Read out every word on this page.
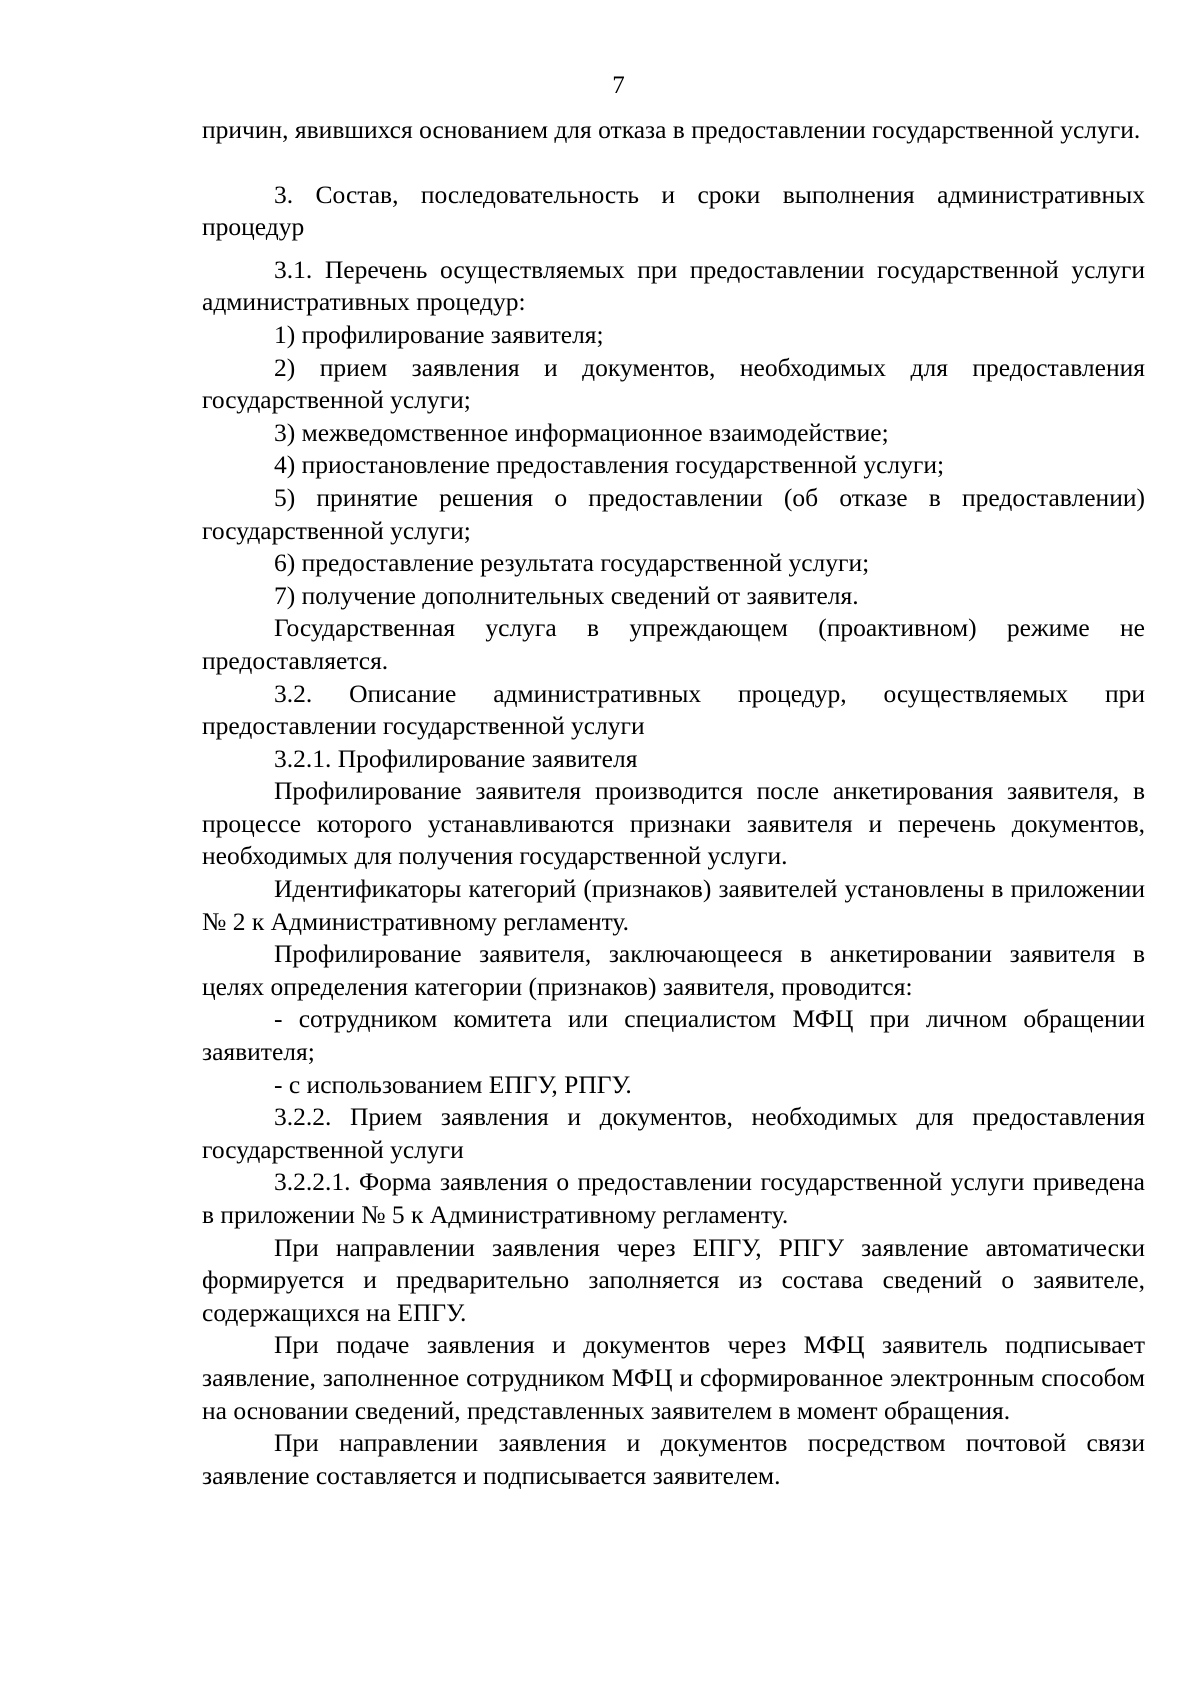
7

причин, явившихся основанием для отказа в предоставлении государственной услуги.

3. Состав, последовательность и сроки выполнения административных процедур

3.1. Перечень осуществляемых при предоставлении государственной услуги административных процедур:

1) профилирование заявителя;

2) прием заявления и документов, необходимых для предоставления государственной услуги;

3) межведомственное информационное взаимодействие;

4) приостановление предоставления государственной услуги;

5) принятие решения о предоставлении (об отказе в предоставлении) государственной услуги;

6) предоставление результата государственной услуги;

7) получение дополнительных сведений от заявителя.

Государственная услуга в упреждающем (проактивном) режиме не предоставляется.

3.2. Описание административных процедур, осуществляемых при предоставлении государственной услуги

3.2.1. Профилирование заявителя

Профилирование заявителя производится после анкетирования заявителя, в процессе которого устанавливаются признаки заявителя и перечень документов, необходимых для получения государственной услуги.

Идентификаторы категорий (признаков) заявителей установлены в приложении № 2 к Административному регламенту.

Профилирование заявителя, заключающееся в анкетировании заявителя в целях определения категории (признаков) заявителя, проводится:

- сотрудником комитета или специалистом МФЦ при личном обращении заявителя;

- с использованием ЕПГУ, РПГУ.

3.2.2. Прием заявления и документов, необходимых для предоставления государственной услуги

3.2.2.1. Форма заявления о предоставлении государственной услуги приведена в приложении № 5 к Административному регламенту.

При направлении заявления через ЕПГУ, РПГУ заявление автоматически формируется и предварительно заполняется из состава сведений о заявителе, содержащихся на ЕПГУ.

При подаче заявления и документов через МФЦ заявитель подписывает заявление, заполненное сотрудником МФЦ и сформированное электронным способом на основании сведений, представленных заявителем в момент обращения.

При направлении заявления и документов посредством почтовой связи заявление составляется и подписывается заявителем.
